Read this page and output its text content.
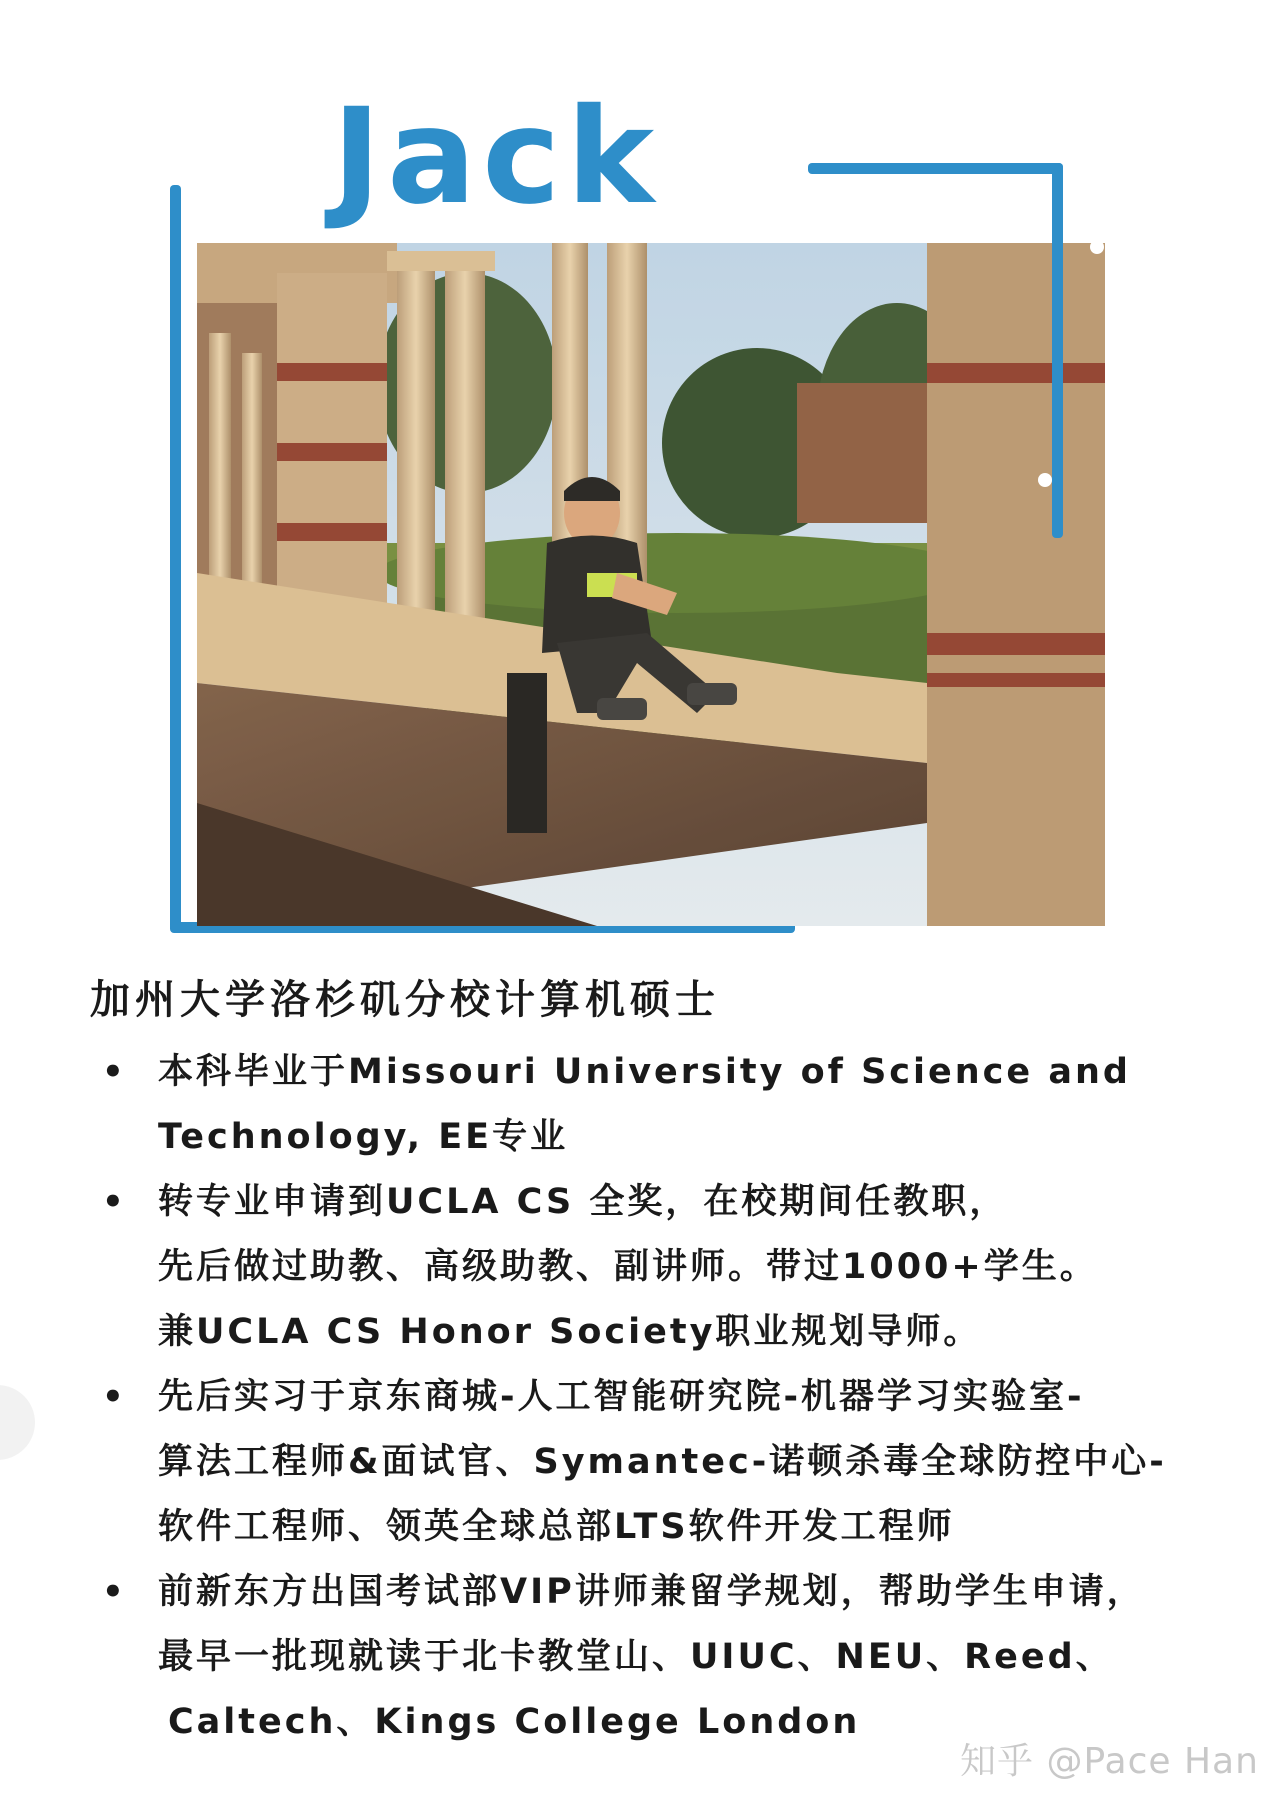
Jack
加州大学洛杉矶分校计算机硕士
• 本科毕业于Missouri University of Science and
Technology, EE专业
• 转专业申请到UCLA CS 全奖，在校期间任教职，
先后做过助教、高级助教、副讲师。带过1000+学生。
兼UCLA CS Honor Society职业规划导师。
• 先后实习于京东商城-人工智能研究院-机器学习实验室-
算法工程师&面试官、Symantec-诺顿杀毒全球防控中心-
软件工程师、领英全球总部LTS软件开发工程师
• 前新东方出国考试部VIP讲师兼留学规划，帮助学生申请，
最早一批现就读于北卡教堂山、UIUC、NEU、Reed、
Caltech、Kings College London
知乎 @Pace Han
